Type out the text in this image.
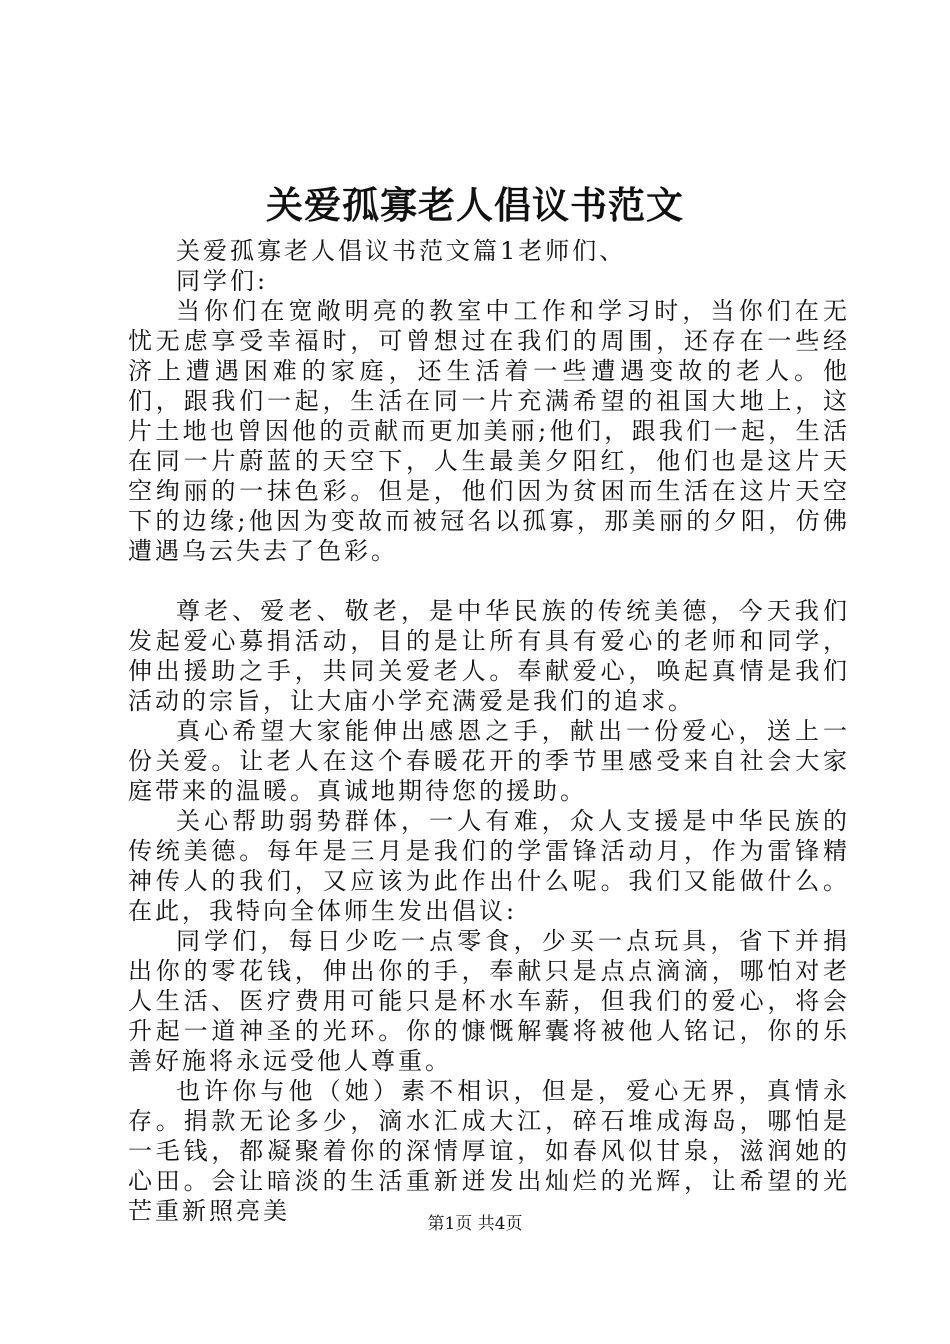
关爱孤寡老人倡议书范文

关爱孤寡老人倡议书范文篇1老师们、

同学们:

当你们在宽敞明亮的教室中工作和学习时，当你们在无忧无虑享受幸福时，可曾想过在我们的周围，还存在一些经济上遭遇困难的家庭，还生活着一些遭遇变故的老人。他们，跟我们一起，生活在同一片充满希望的祖国大地上，这片土地也曾因他的贡献而更加美丽;他们，跟我们一起，生活在同一片蔚蓝的天空下，人生最美夕阳红，他们也是这片天空绚丽的一抹色彩。但是，他们因为贫困而生活在这片天空下的边缘;他因为变故而被冠名以孤寡，那美丽的夕阳，仿佛遭遇乌云失去了色彩。

尊老、爱老、敬老，是中华民族的传统美德，今天我们发起爱心募捐活动，目的是让所有具有爱心的老师和同学，伸出援助之手，共同关爱老人。奉献爱心，唤起真情是我们活动的宗旨，让大庙小学充满爱是我们的追求。

真心希望大家能伸出感恩之手，献出一份爱心，送上一份关爱。让老人在这个春暖花开的季节里感受来自社会大家庭带来的温暖。真诚地期待您的援助。

关心帮助弱势群体，一人有难，众人支援是中华民族的传统美德。每年是三月是我们的学雷锋活动月，作为雷锋精神传人的我们，又应该为此作出什么呢。我们又能做什么。在此，我特向全体师生发出倡议:

同学们，每日少吃一点零食，少买一点玩具，省下并捐出你的零花钱，伸出你的手，奉献只是点点滴滴，哪怕对老人生活、医疗费用可能只是杯水车薪，但我们的爱心，将会升起一道神圣的光环。你的慷慨解囊将被他人铭记，你的乐善好施将永远受他人尊重。

也许你与他（她）素不相识，但是，爱心无界，真情永存。捐款无论多少，滴水汇成大江，碎石堆成海岛，哪怕是一毛钱，都凝聚着你的深情厚谊，如春风似甘泉，滋润她的心田。会让暗淡的生活重新迸发出灿烂的光辉，让希望的光芒重新照亮美	第1页 共4页
